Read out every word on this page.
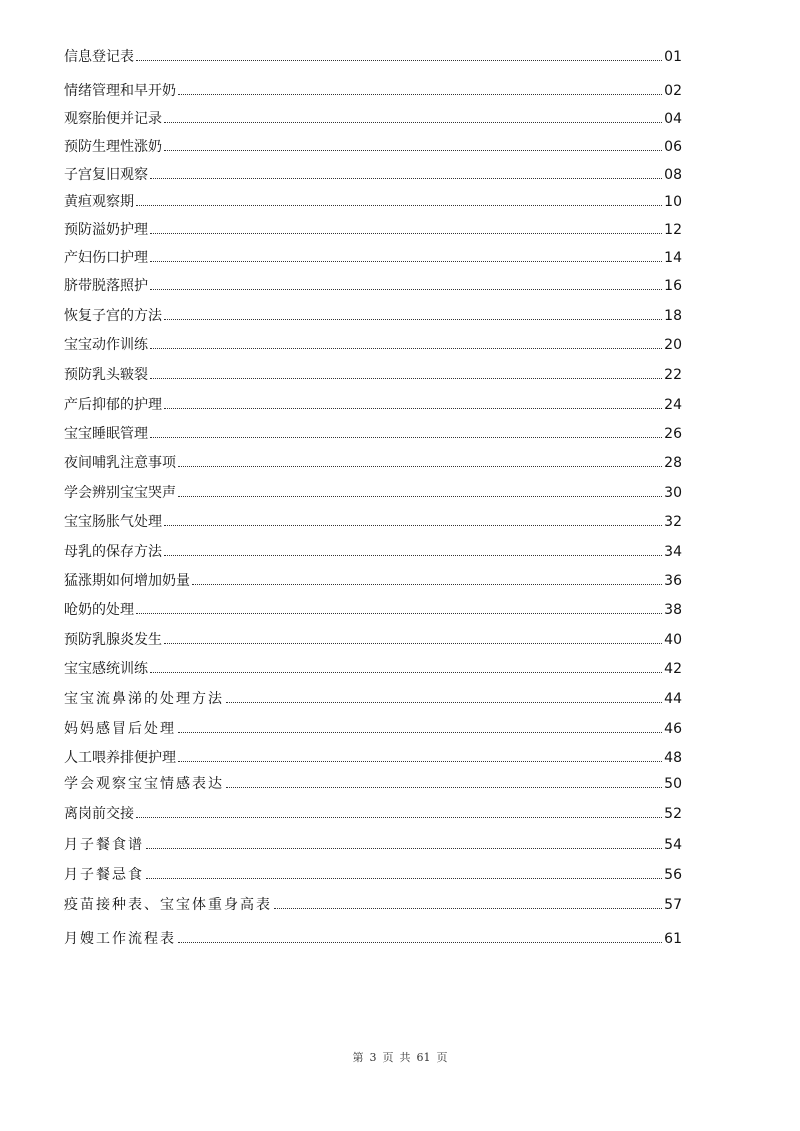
信息登记表	01
情绪管理和早开奶	02
观察胎便并记录	04
预防生理性涨奶	06
子宫复旧观察	08
黄疸观察期	10
预防溢奶护理	12
产妇伤口护理	14
脐带脱落照护	16
恢复子宫的方法	18
宝宝动作训练	20
预防乳头皲裂	22
产后抑郁的护理	24
宝宝睡眠管理	26
夜间哺乳注意事项	28
学会辨别宝宝哭声	30
宝宝肠胀气处理	32
母乳的保存方法	34
猛涨期如何增加奶量	36
呛奶的处理	38
预防乳腺炎发生	40
宝宝感统训练	42
宝宝流鼻涕的处理方法	44
妈妈感冒后处理	46
人工喂养排便护理	48
学会观察宝宝情感表达	50
离岗前交接	52
月子餐食谱	54
月子餐忌食	56
疫苗接种表、宝宝体重身高表	57
月嫂工作流程表	61
第 3 页 共 61 页
